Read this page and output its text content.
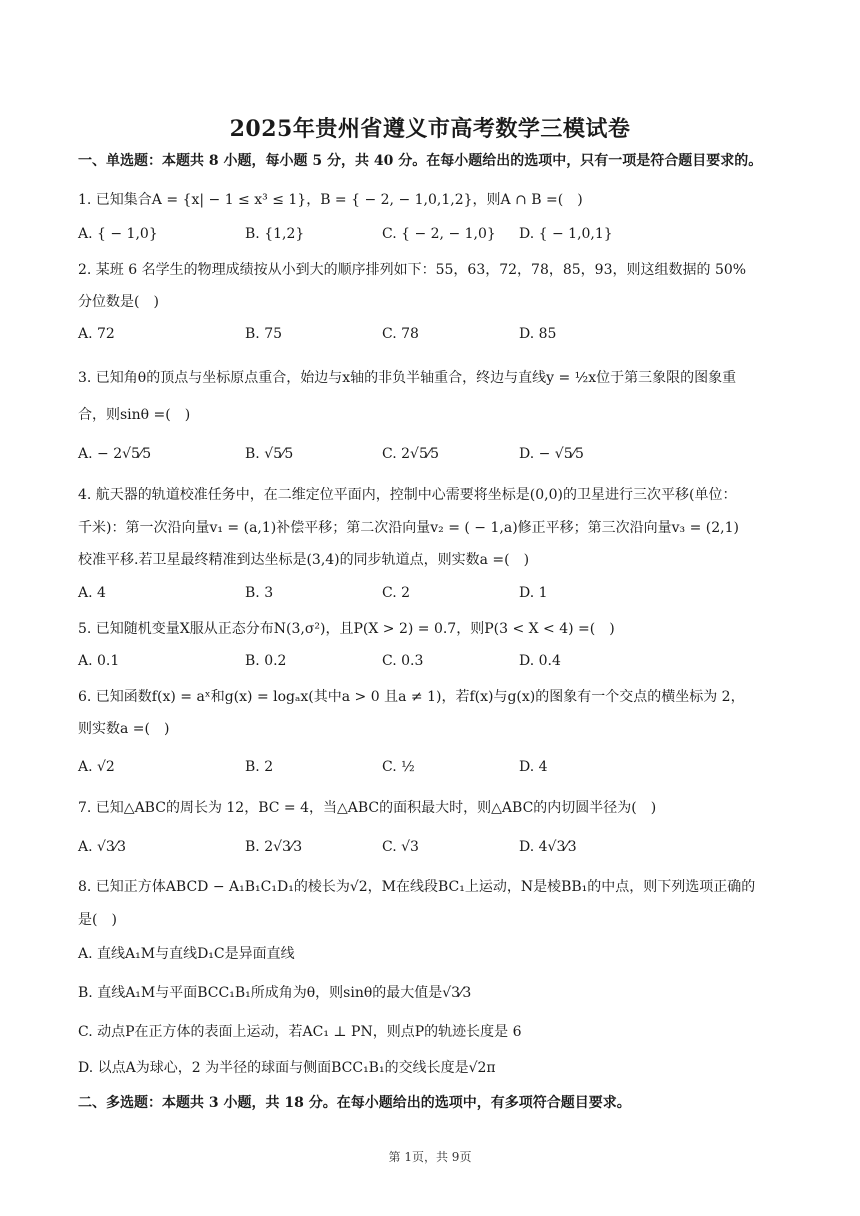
2025年贵州省遵义市高考数学三模试卷
一、单选题：本题共 8 小题，每小题 5 分，共 40 分。在每小题给出的选项中，只有一项是符合题目要求的。
1. 已知集合A = {x| − 1 ≤ x³ ≤ 1}，B = { − 2, − 1,0,1,2}，则A ∩ B =(　)
A. { − 1,0}	B. {1,2}	C. { − 2, − 1,0} D. { − 1,0,1}
2. 某班 6 名学生的物理成绩按从小到大的顺序排列如下：55，63，72，78，85，93，则这组数据的 50%
分位数是(　)
A. 72	B. 75	C. 78	D. 85
3. 已知角θ的顶点与坐标原点重合，始边与x轴的非负半轴重合，终边与直线y = ½x位于第三象限的图象重
合，则sinθ =(　)
A. − 2√5⁄5	B. √5⁄5	C. 2√5⁄5	D. − √5⁄5
4. 航天器的轨道校准任务中，在二维定位平面内，控制中心需要将坐标是(0,0)的卫星进行三次平移(单位：
千米)：第一次沿向量v₁ = (a,1)补偿平移；第二次沿向量v₂ = ( − 1,a)修正平移；第三次沿向量v₃ = (2,1)
校准平移.若卫星最终精准到达坐标是(3,4)的同步轨道点，则实数a =(　)
A. 4	B. 3	C. 2	D. 1
5. 已知随机变量X服从正态分布N(3,σ²)，且P(X > 2) = 0.7，则P(3 < X < 4) =(　)
A. 0.1	B. 0.2	C. 0.3	D. 0.4
6. 已知函数f(x) = aˣ和g(x) = logₐx(其中a > 0 且a ≠ 1)，若f(x)与g(x)的图象有一个交点的横坐标为 2，
则实数a =(　)
A. √2	B. 2	C. ½	D. 4
7. 已知△ABC的周长为 12，BC = 4，当△ABC的面积最大时，则△ABC的内切圆半径为(　)
A. √3⁄3	B. 2√3⁄3	C. √3	D. 4√3⁄3
8. 已知正方体ABCD − A₁B₁C₁D₁的棱长为√2，M在线段BC₁上运动，N是棱BB₁的中点，则下列选项正确的
是(　)
A. 直线A₁M与直线D₁C是异面直线
B. 直线A₁M与平面BCC₁B₁所成角为θ，则sinθ的最大值是√3⁄3
C. 动点P在正方体的表面上运动，若AC₁ ⊥ PN，则点P的轨迹长度是 6
D. 以点A为球心，2 为半径的球面与侧面BCC₁B₁的交线长度是√2π
二、多选题：本题共 3 小题，共 18 分。在每小题给出的选项中，有多项符合题目要求。
第 1页，共 9页
